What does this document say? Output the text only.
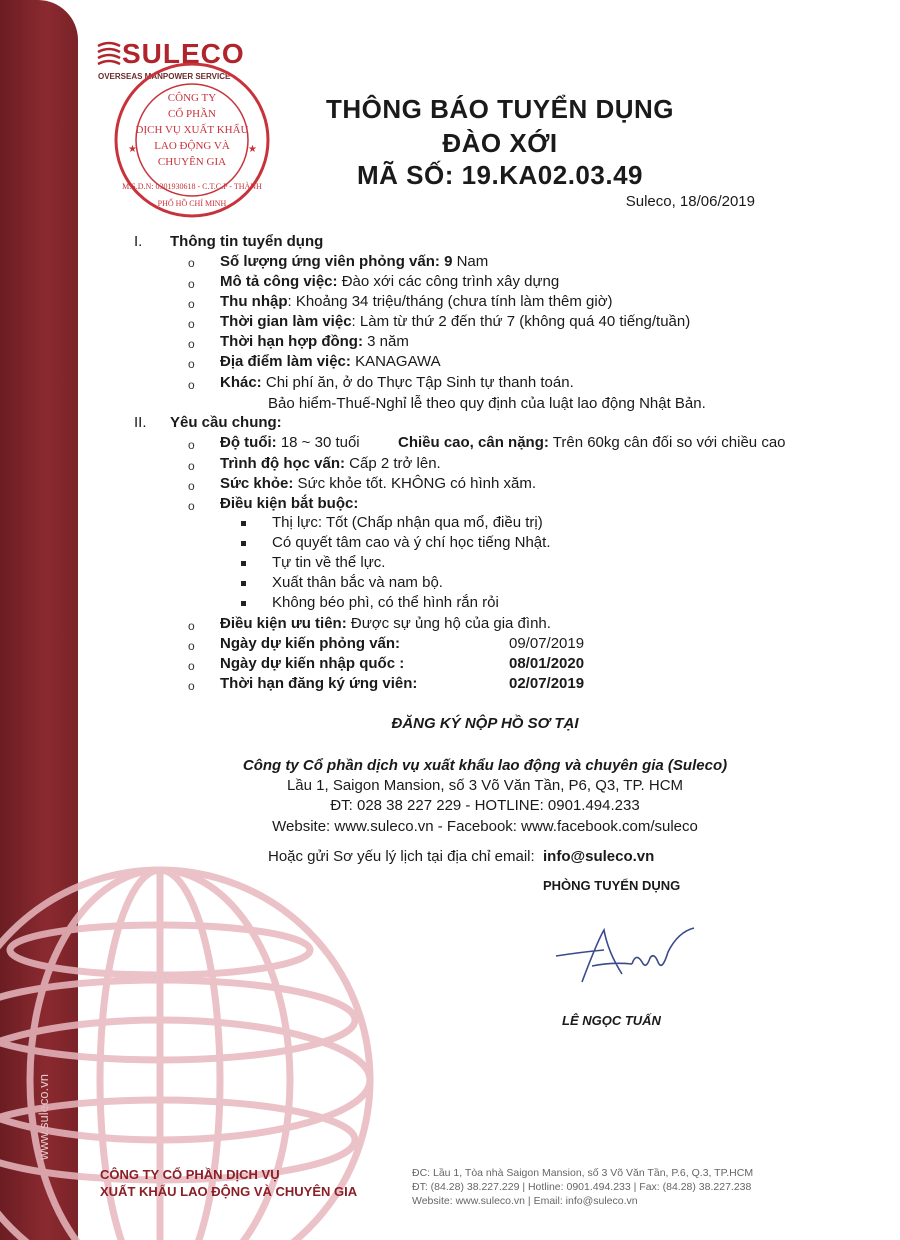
www.suleco.vn
SULECO
OVERSEAS MANPOWER SERVICE
★	★
CÔNG TY
CỔ PHẦN
DỊCH VỤ XUẤT KHẨU
LAO ĐỘNG VÀ
CHUYÊN GIA
M.S.D.N: 0301930618 - C.T.C.P - THÀNH PHỐ HỒ CHÍ MINH
THÔNG BÁO TUYỂN DỤNG
ĐÀO XỚI
MÃ SỐ: 19.KA02.03.49
Suleco, 18/06/2019
I. Thông tin tuyển dụng
o Số lượng ứng viên phỏng vấn: 9 Nam
o Mô tả công việc: Đào xới các công trình xây dựng
o Thu nhập: Khoảng 34 triệu/tháng (chưa tính làm thêm giờ)
o Thời gian làm việc: Làm từ thứ 2 đến thứ 7 (không quá 40 tiếng/tuần)
o Thời hạn hợp đồng: 3 năm
o Địa điểm làm việc: KANAGAWA
o Khác: Chi phí ăn, ở do Thực Tập Sinh tự thanh toán.
Bảo hiểm-Thuế-Nghỉ lễ theo quy định của luật lao động Nhật Bản.
II. Yêu cầu chung:
o Độ tuổi: 18 ~ 30 tuổi	Chiều cao, cân nặng: Trên 60kg cân đối so với chiều cao
o Trình độ học vấn: Cấp 2 trở lên.
o Sức khỏe: Sức khỏe tốt. KHÔNG có hình xăm.
o Điều kiện bắt buộc:
Thị lực: Tốt (Chấp nhận qua mổ, điều trị)
Có quyết tâm cao và ý chí học tiếng Nhật.
Tự tin về thể lực.
Xuất thân bắc và nam bộ.
Không béo phì, có thể hình rắn rỏi
o Điều kiện ưu tiên: Được sự ủng hộ của gia đình.
o Ngày dự kiến phỏng vấn:	09/07/2019
o Ngày dự kiến nhập quốc :	08/01/2020
o Thời hạn đăng ký ứng viên:	02/07/2019
ĐĂNG KÝ NỘP HỒ SƠ TẠI
Công ty Cổ phần dịch vụ xuất khẩu lao động và chuyên gia (Suleco)
Lầu 1, Saigon Mansion, số 3 Võ Văn Tần, P6, Q3, TP. HCM
ĐT: 028 38 227 229 - HOTLINE: 0901.494.233
Website: www.suleco.vn - Facebook: www.facebook.com/suleco
Hoặc gửi Sơ yếu lý lịch tại địa chỉ email: info@suleco.vn
PHÒNG TUYỂN DỤNG
LÊ NGỌC TUẤN
CÔNG TY CỔ PHẦN DỊCH VỤ
XUẤT KHẨU LAO ĐỘNG VÀ CHUYÊN GIA
ĐC: Lầu 1, Tòa nhà Saigon Mansion, số 3 Võ Văn Tần, P.6, Q.3, TP.HCM
ĐT: (84.28) 38.227.229 | Hotline: 0901.494.233 | Fax: (84.28) 38.227.238
Website: www.suleco.vn | Email: info@suleco.vn
